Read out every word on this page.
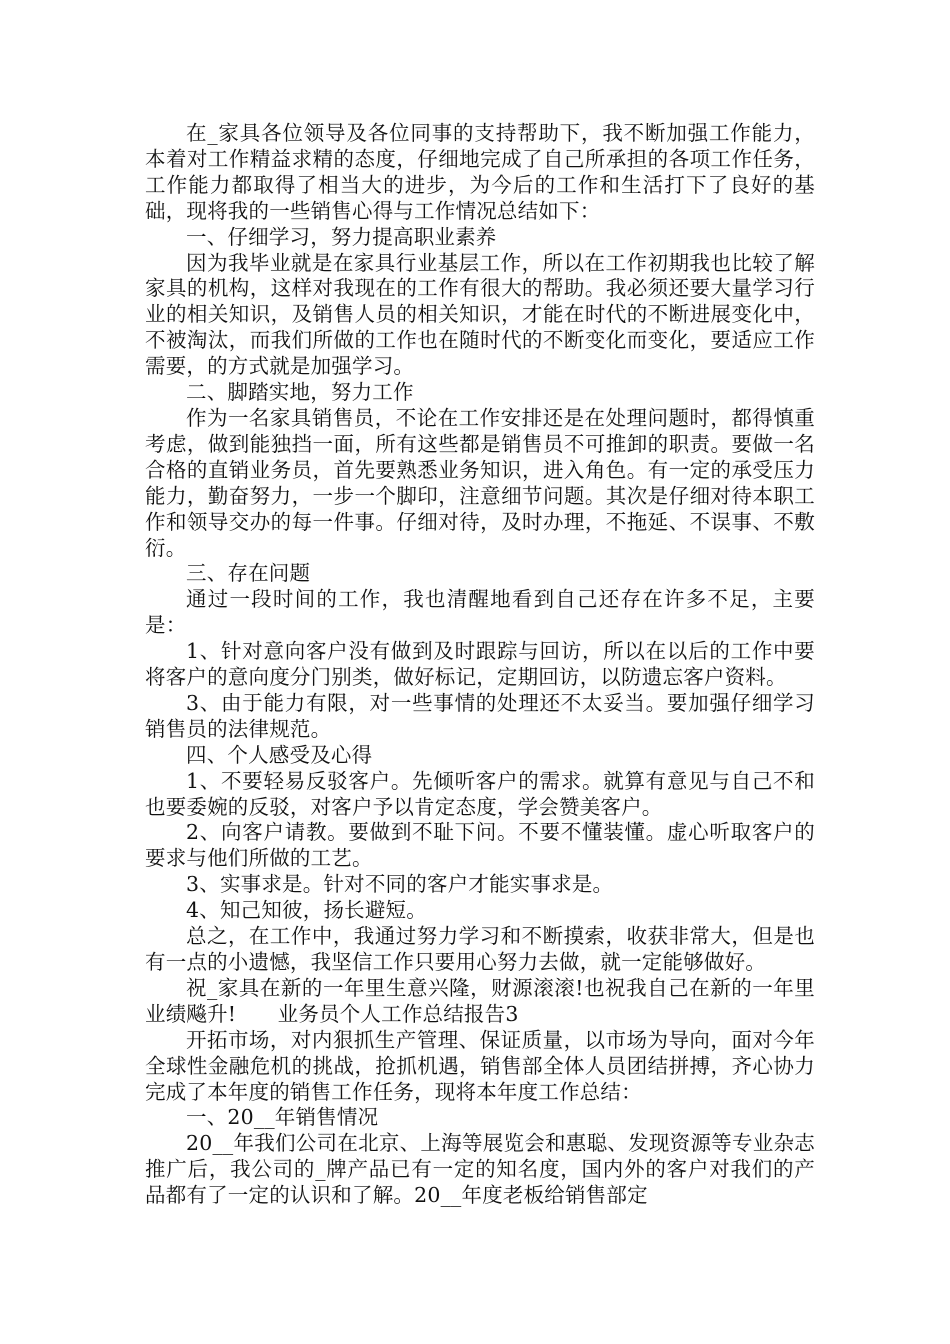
在_家具各位领导及各位同事的支持帮助下，我不断加强工作能力，本着对工作精益求精的态度，仔细地完成了自己所承担的各项工作任务，工作能力都取得了相当大的进步，为今后的工作和生活打下了良好的基础，现将我的一些销售心得与工作情况总结如下：

一、仔细学习，努力提高职业素养

因为我毕业就是在家具行业基层工作，所以在工作初期我也比较了解家具的机构，这样对我现在的工作有很大的帮助。我必须还要大量学习行业的相关知识，及销售人员的相关知识，才能在时代的不断进展变化中，不被淘汰，而我们所做的工作也在随时代的不断变化而变化，要适应工作需要，的方式就是加强学习。

二、脚踏实地，努力工作

作为一名家具销售员，不论在工作安排还是在处理问题时，都得慎重考虑，做到能独挡一面，所有这些都是销售员不可推卸的职责。要做一名合格的直销业务员，首先要熟悉业务知识，进入角色。有一定的承受压力能力，勤奋努力，一步一个脚印，注意细节问题。其次是仔细对待本职工作和领导交办的每一件事。仔细对待，及时办理，不拖延、不误事、不敷衍。

三、存在问题

通过一段时间的工作，我也清醒地看到自己还存在许多不足，主要是：

1、针对意向客户没有做到及时跟踪与回访，所以在以后的工作中要将客户的意向度分门别类，做好标记，定期回访，以防遗忘客户资料。

3、由于能力有限，对一些事情的处理还不太妥当。要加强仔细学习销售员的法律规范。

四、个人感受及心得

1、不要轻易反驳客户。先倾听客户的需求。就算有意见与自己不和也要委婉的反驳，对客户予以肯定态度，学会赞美客户。

2、向客户请教。要做到不耻下问。不要不懂装懂。虚心听取客户的要求与他们所做的工艺。

3、实事求是。针对不同的客户才能实事求是。

4、知己知彼，扬长避短。

总之，在工作中，我通过努力学习和不断摸索，收获非常大，但是也有一点的小遗憾，我坚信工作只要用心努力去做，就一定能够做好。

祝_家具在新的一年里生意兴隆，财源滚滚!也祝我自己在新的一年里业绩飚升!　　业务员个人工作总结报告3

开拓市场，对内狠抓生产管理、保证质量，以市场为导向，面对今年全球性金融危机的挑战，抢抓机遇，销售部全体人员团结拼搏，齐心协力完成了本年度的销售工作任务，现将本年度工作总结：

一、20__年销售情况

20__年我们公司在北京、上海等展览会和惠聪、发现资源等专业杂志推广后，我公司的_牌产品已有一定的知名度，国内外的客户对我们的产品都有了一定的认识和了解。20__年度老板给销售部定
